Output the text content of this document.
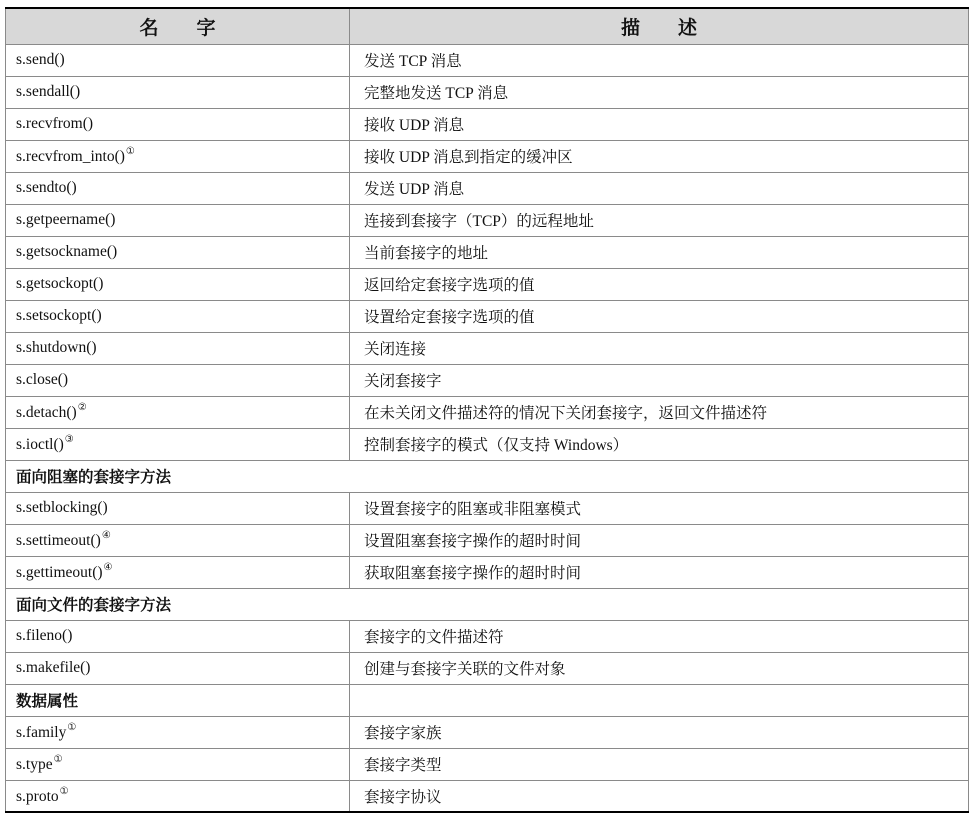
名　　字	描　　述
s.send()	发送 TCP 消息
s.sendall()	完整地发送 TCP 消息
s.recvfrom()	接收 UDP 消息
s.recvfrom_into()①	接收 UDP 消息到指定的缓冲区
s.sendto()	发送 UDP 消息
s.getpeername()	连接到套接字（TCP）的远程地址
s.getsockname()	当前套接字的地址
s.getsockopt()	返回给定套接字选项的值
s.setsockopt()	设置给定套接字选项的值
s.shutdown()	关闭连接
s.close()	关闭套接字
s.detach()②	在未关闭文件描述符的情况下关闭套接字，返回文件描述符
s.ioctl()③	控制套接字的模式（仅支持 Windows）
面向阻塞的套接字方法	
s.setblocking()	设置套接字的阻塞或非阻塞模式
s.settimeout()④	设置阻塞套接字操作的超时时间
s.gettimeout()④	获取阻塞套接字操作的超时时间
面向文件的套接字方法	
s.fileno()	套接字的文件描述符
s.makefile()	创建与套接字关联的文件对象
数据属性	
s.family①	套接字家族
s.type①	套接字类型
s.proto①	套接字协议
